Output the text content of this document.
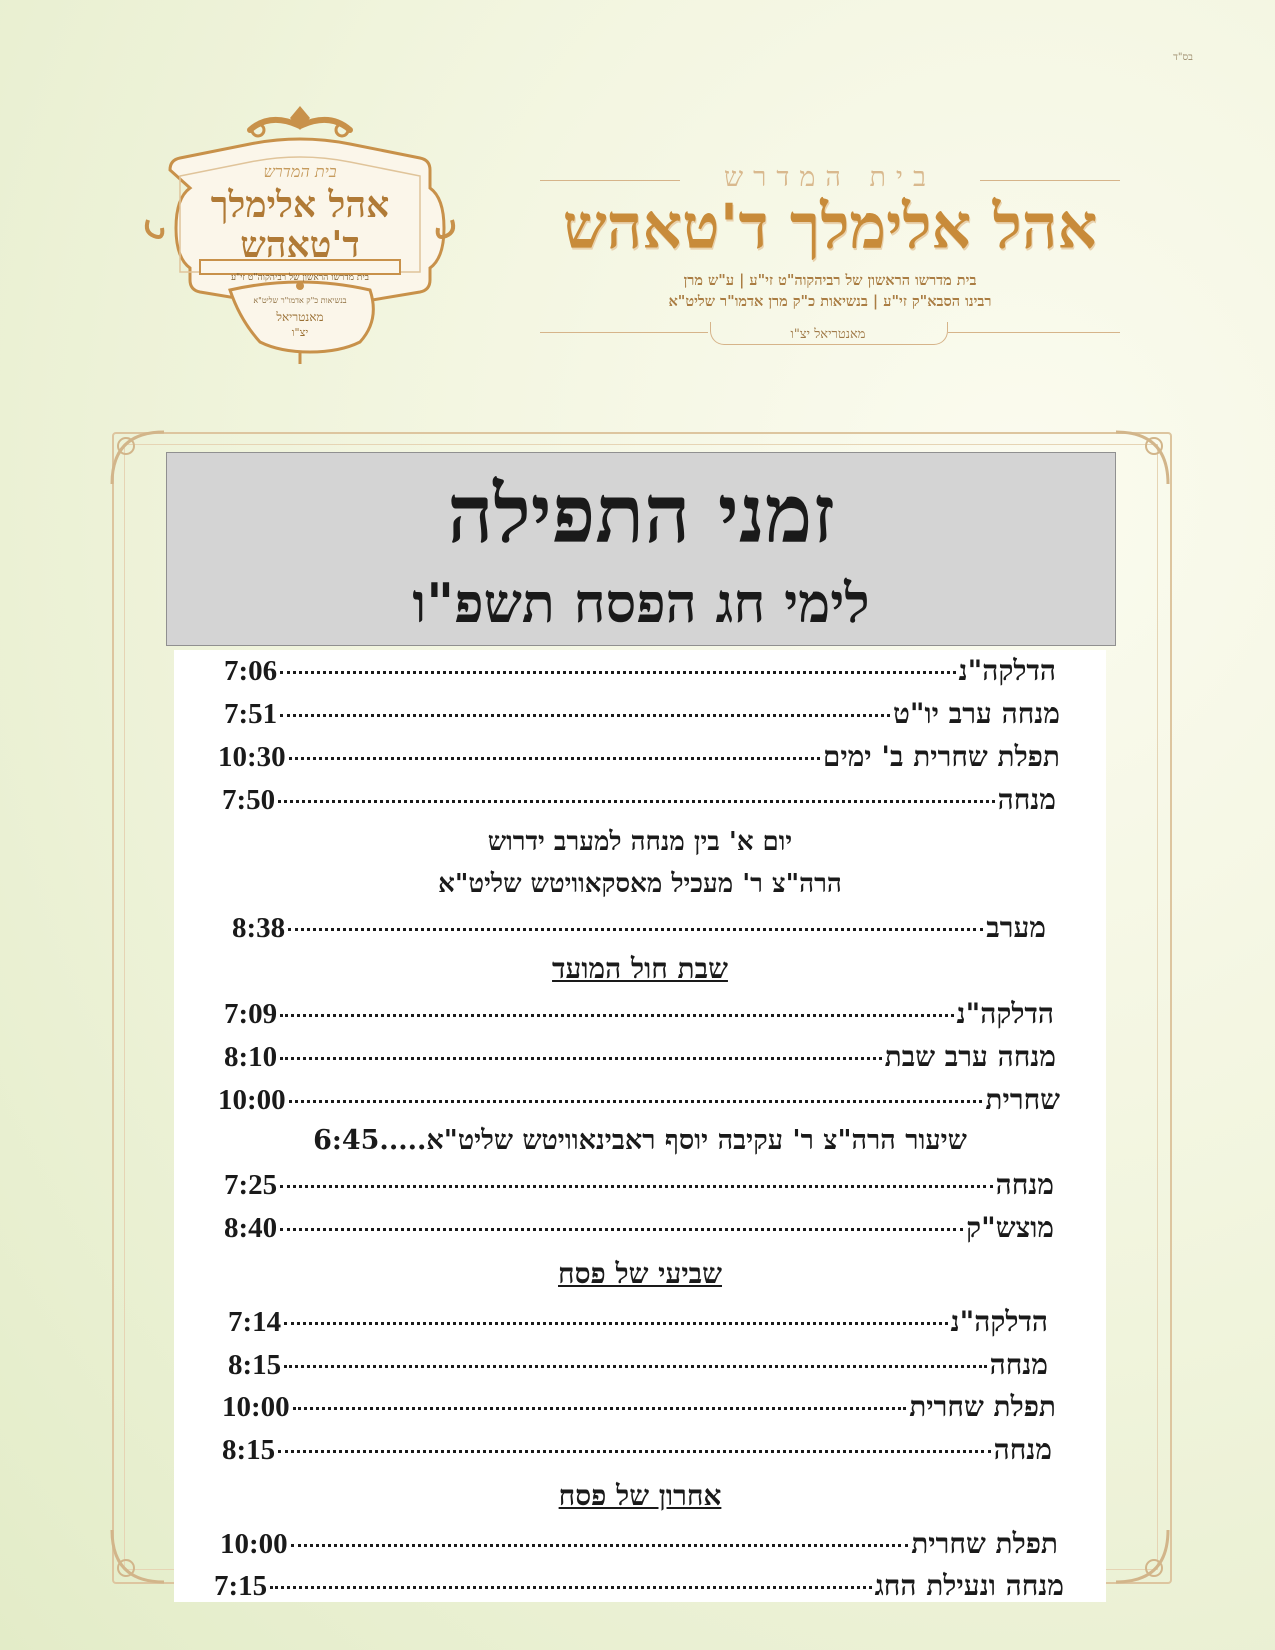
בס"ד
בית המדרש
אהל אלימלך
ד'טאהש
בית מדרשו הראשון של רביהקוה"ט זי"ע
בנשיאות כ"ק אדמו"ר שליט"א
מאנטריאל
יצ"ו
בית המדרש
אהל אלימלך ד'טאהש
בית מדרשו הראשון של רביהקוה"ט זי"ע | ע"ש מרן
רבינו הסבא"ק זי"ע | בנשיאות כ"ק מרן אדמו"ר שליט"א
מאנטריאל יצ"ו
זמני התפילה
לימי חג הפסח תשפ"ו
הדלקה"נ
7:06
מנחה ערב יו"ט
7:51
תפלת שחרית ב' ימים
10:30
מנחה
7:50
יום א' בין מנחה למערב ידרוש
הרה"צ ר' מעכיל מאסקאוויטש שליט"א
מערב
8:38
שבת חול המועד
הדלקה"נ
7:09
מנחה ערב שבת
8:10
שחרית
10:00
שיעור הרה"צ ר' עקיבה יוסף ראבינאוויטש שליט"א.....6:45
מנחה
7:25
מוצש"ק
8:40
שביעי של פסח
הדלקה"נ
7:14
מנחה
8:15
תפלת שחרית
10:00
מנחה
8:15
אחרון של פסח
תפלת שחרית
10:00
מנחה ונעילת החג
7:15
